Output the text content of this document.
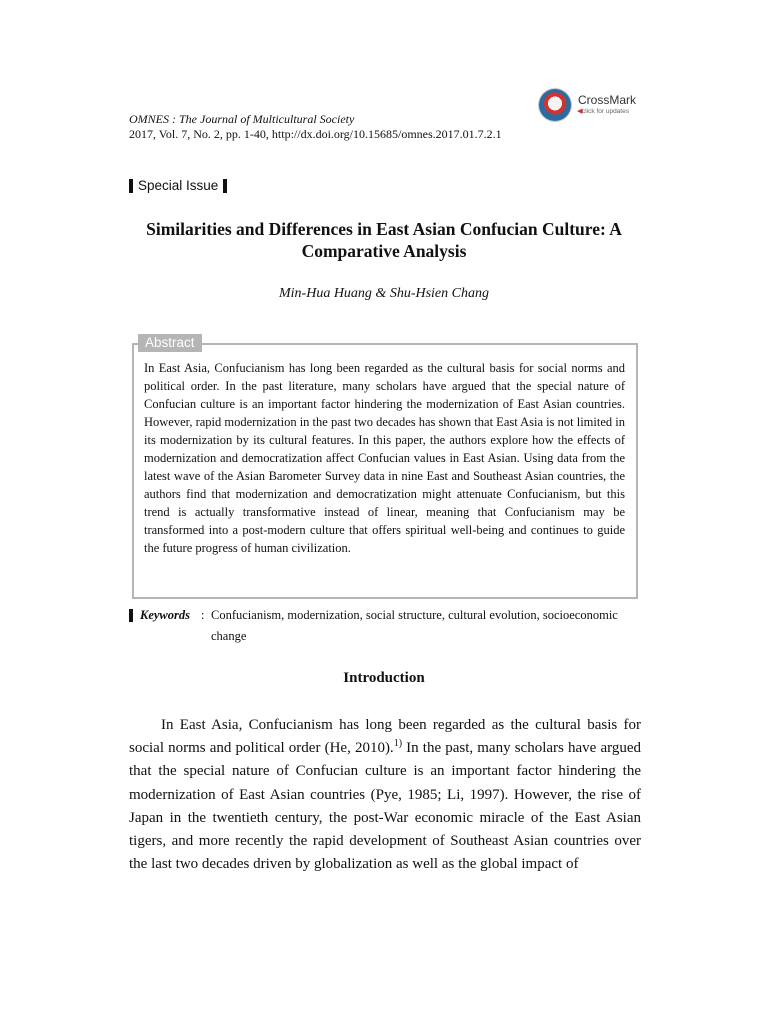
OMNES : The Journal of Multicultural Society
2017, Vol. 7, No. 2, pp. 1-40, http://dx.doi.org/10.15685/omnes.2017.01.7.2.1
CrossMark
◀ click for updates
Special Issue
Similarities and Differences in East Asian Confucian Culture: A Comparative Analysis
Min-Hua Huang & Shu-Hsien Chang
Abstract
In East Asia, Confucianism has long been regarded as the cultural basis for social norms and political order. In the past literature, many scholars have argued that the special nature of Confucian culture is an important factor hindering the modernization of East Asian countries. However, rapid modernization in the past two decades has shown that East Asia is not limited in its modernization by its cultural features. In this paper, the authors explore how the effects of modernization and democratization affect Confucian values in East Asian. Using data from the latest wave of the Asian Barometer Survey data in nine East and Southeast Asian countries, the authors find that modernization and democratization might attenuate Confucianism, but this trend is actually transformative instead of linear, meaning that Confucianism may be transformed into a post-modern culture that offers spiritual well-being and continues to guide the future progress of human civilization.
Keywords : Confucianism, modernization, social structure, cultural evolution, socioeconomic change
Introduction
In East Asia, Confucianism has long been regarded as the cultural basis for social norms and political order (He, 2010).$^{1)}$ In the past, many scholars have argued that the special nature of Confucian culture is an important factor hindering the modernization of East Asian countries (Pye, 1985; Li, 1997). However, the rise of Japan in the twentieth century, the post-War economic miracle of the East Asian tigers, and more recently the rapid development of Southeast Asian countries over the last two decades driven by globalization as well as the global impact of
